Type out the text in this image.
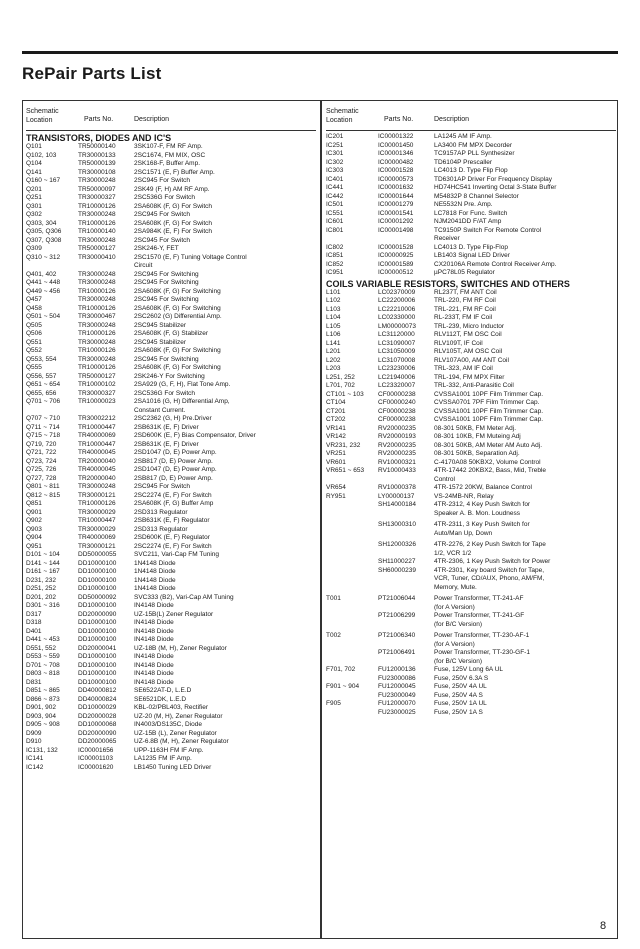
RePair Parts List
Schematic Location	Parts No.	Description
TRANSISTORS, DIODES AND IC'S
Q101	TR50000140	3SK107-F, FM RF Amp.
Q102, 103	TR30000133	2SC1674, FM MIX, OSC
Q104	TR50000139	2SK168-F, Buffer Amp.
Q141	TR30000108	2SC1571 (E, F) Buffer Amp.
Q160 ~ 167	TR30000248	2SC945 For Switch
Q201	TR50000097	2SK49 (F, H) AM RF Amp.
Q251	TR30000327	2SC536G For Switch
Q301	TR10000126	2SA608K (F, G) For Switch
Q302	TR30000248	2SC945 For Switch
Q303, 304	TR10000126	2SA608K (F, G) For Switch
Q305, Q306	TR10000140	2SA984K (E, F) For Switch
Q307, Q308	TR30000248	2SC945 For Switch
Q309	TR50000127	2SK246-Y, FET
Q310 ~ 312	TR30000410	2SC1570 (E, F) Tuning Voltage Control
Circuit
Q401, 402	TR30000248	2SC945 For Switching
Q441 ~ 448	TR30000248	2SC945 For Switching
Q449 ~ 456	TR10000126	2SA608K (F, G) For Switching
Q457	TR30000248	2SC945 For Switching
Q458	TR10000126	2SA608K (F, G) For Switching
Q501 ~ 504	TR30000467	2SC2602 (G) Differential Amp.
Q505	TR30000248	2SC945 Stabilizer
Q506	TR10000126	2SA608K (F, G) Stabilizer
Q551	TR30000248	2SC945 Stabilizer
Q552	TR10000126	2SA608K (F, G) For Switching
Q553, 554	TR30000248	2SC945 For Switching
Q555	TR10000126	2SA608K (F, G) For Switching
Q556, 557	TR50000127	2SK246-Y For Switching
Q651 ~ 654	TR10000102	2SA929 (G, F, H), Flat Tone Amp.
Q655, 656	TR30000327	2SC536G For Switch
Q701 ~ 706	TR10000023	2SA1016 (G, H) Differential Amp,
Constant Current.
Q707 ~ 710	TR30002212	2SC2362 (G, H) Pre.Driver
Q711 ~ 714	TR10000447	2SB631K (E, F) Driver
Q715 ~ 718	TR40000069	2SD600K (E, F) Bias Compensator, Driver
Q719, 720	TR10000447	2SB631K (E, F) Driver
Q721, 722	TR40000045	2SD1047 (D, E) Power Amp.
Q723, 724	TR20000040	2SB817 (D, E) Power Amp.
Q725, 726	TR40000045	2SD1047 (D, E) Power Amp.
Q727, 728	TR20000040	2SB817 (D, E) Power Amp.
Q801 ~ 811	TR30000248	2SC945 For Switch
Q812 ~ 815	TR30000121	2SC2274 (E, F) For Switch
Q851	TR10000126	2SA608K (F, G) Buffer Amp
Q901	TR30000029	2SD313 Regulator
Q902	TR10000447	2SB631K (E, F) Regulator
Q903	TR30000029	2SD313 Regulator
Q904	TR40000069	2SD600K (E, F) Regulator
Q951	TR30000121	2SC2274 (E, F) For Switch
D101 ~ 104	DD50000055	SVC211, Vari-Cap FM Tuning
D141 ~ 144	DD10000100	1N4148 Diode
D161 ~ 167	DD10000100	1N4148 Diode
D231, 232	DD10000100	1N4148 Diode
D251, 252	DD10000100	1N4148 Diode
D201, 202	DD50000092	SVC333 (B2), Vari-Cap AM Tuning
D301 ~ 316	DD10000100	IN4148 Diode
D317	DD20000090	UZ-15B(L) Zener Regulator
D318	DD10000100	IN4148 Diode
D401	DD10000100	IN4148 Diode
D441 ~ 453	DD10000100	IN4148 Diode
D551, 552	DD20000041	UZ-18B (M, H), Zener Regulator
D553 ~ 559	DD10000100	IN4148 Diode
D701 ~ 708	DD10000100	IN4148 Diode
D803 ~ 818	DD10000100	IN4148 Diode
D831	DD10000100	IN4148 Diode
D851 ~ 865	DD40000812	SE6522AT-D, L.E.D
D866 ~ 873	DD40000824	SE6521DK, L.E.D
D901, 902	DD10000029	KBL-02/PBL403, Rectifier
D903, 904	DD20000028	UZ-20 (M, H), Zener Regulator
D905 ~ 908	DD10000068	IN4003/DS135C, Diode
D909	DD20000090	UZ-15B (L), Zener Regulator
D910	DD20000065	UZ-6.8B (M, H), Zener Regulator
IC131, 132	IC00001656	UPP-1163H FM IF Amp.
IC141	IC00001103	LA1235 FM IF Amp.
IC142	IC00001620	LB1450 Tuning LED Driver
Schematic Location	Parts No.	Description
IC201	IC00001322	LA1245 AM IF Amp.
IC251	IC00001450	LA3400 FM MPX Decorder
IC301	IC00001346	TC9157AP PLL Synthesizer
IC302	IC00000482	TD6104P Prescaller
IC303	IC00001528	LC4013 D. Type Flip Flop
IC401	IC00000573	TD6301AP Driver For Frequency Display
IC441	IC00001632	HD74HC541 Inverting Octal 3-State Buffer
IC442	IC00001644	M54832P 8 Channel Selector
IC501	IC00001279	NE5532N Pre. Amp.
IC551	IC00001541	LC7818 For Func. Switch
IC601	IC00001292	NJM2041DD F/AT Amp
IC801	IC00001498	TC9150P Switch For Remote Control
Receiver
IC802	IC00001528	LC4013 D. Type Flip-Flop
IC851	IC00000925	LB1403 Signal LED Driver
IC852	IC00001589	CX20106A Remote Control Receiver Amp.
IC951	IC00000512	µPC78L05 Regulator
COILS VARIABLE RESISTORS, SWITCHES AND OTHERS
L101	LC02370009	RL237T, FM ANT Coil
L102	LC22200006	TRL-220, FM RF Coil
L103	LC22210006	TRL-221, FM RF Coil
L104	LC02330000	RL-233T, FM IF Coil
L105	LM00000073	TRL-239, Micro Inductor
L106	LC31120000	RLV112T, FM OSC Coil
L141	LC31090007	RLV109T, IF Coil
L201	LC31050009	RLV105T, AM OSC Coil
L202	LC31070008	RLV107A00, AM ANT Coil
L203	LC23230006	TRL-323, AM IF Coil
L251, 252	LC21940006	TRL-194, FM MPX Filter
L701, 702	LC23320007	TRL-332, Anti-Parasitic Coil
CT101 ~ 103	CF00000238	CVSSA1001 10PF Film Trimmer Cap.
CT104	CF00000240	CVSSA0701 7PF Film Trimmer Cap.
CT201	CF00000238	CVSSA1001 10PF Film Trimmer Cap.
CT202	CF00000238	CVSSA1001 10PF Film Trimmer Cap.
VR141	RV20000235	08-301 50KB, FM Meter Adj.
VR142	RV20000193	08-301 10KB, FM Muteing Adj
VR231, 232	RV20000235	08-301 50KB, AM Meter AM Auto Adj.
VR251	RV20000235	08-301 50KB, Separation Adj.
VR601	RV10000321	C-4170A08 50KBX2, Volume Control
VR651 ~ 653	RV10000433	4TR-17442 20KBX2, Bass, Mid, Treble
Control
VR654	RV10000378	4TR-1572 20KW, Balance Control
RY951	LY00000137	VS-24MB-NR, Relay
SH14000184	4TR-2312, 4 Key Push Switch for
Speaker A. B. Mon. Loudness
SH13000310	4TR-2311, 3 Key Push Switch for
Auto/Man Up, Down
SH12000326	4TR-2276, 2 Key Push Switch for Tape
1/2, VCR 1/2
SH11000227	4TR-2306, 1 Key Push Switch for Power
SH60000239	4TR-2301, Key board Switch for Tape,
VCR, Tuner, CD/AUX, Phono, AM/FM,
Memory, Mute.
T001	PT21006044	Power Transformer, TT-241-AF
(for A Version)
PT21006299	Power Transformer, TT-241-GF
(for B/C Version)
T002	PT21006340	Power Transformer, TT-230-AF-1
(for A Version)
PT21006491	Power Transformer, TT-230-GF-1
(for B/C Version)
F701, 702	FU12000136	Fuse, 125V Long 6A UL
FU23000086	Fuse, 250V 6.3A S
F901 ~ 904	FU12000045	Fuse, 250V 4A UL
FU23000049	Fuse, 250V 4A S
F905	FU12000070	Fuse, 250V 1A UL
FU23000025	Fuse, 250V 1A S
8
